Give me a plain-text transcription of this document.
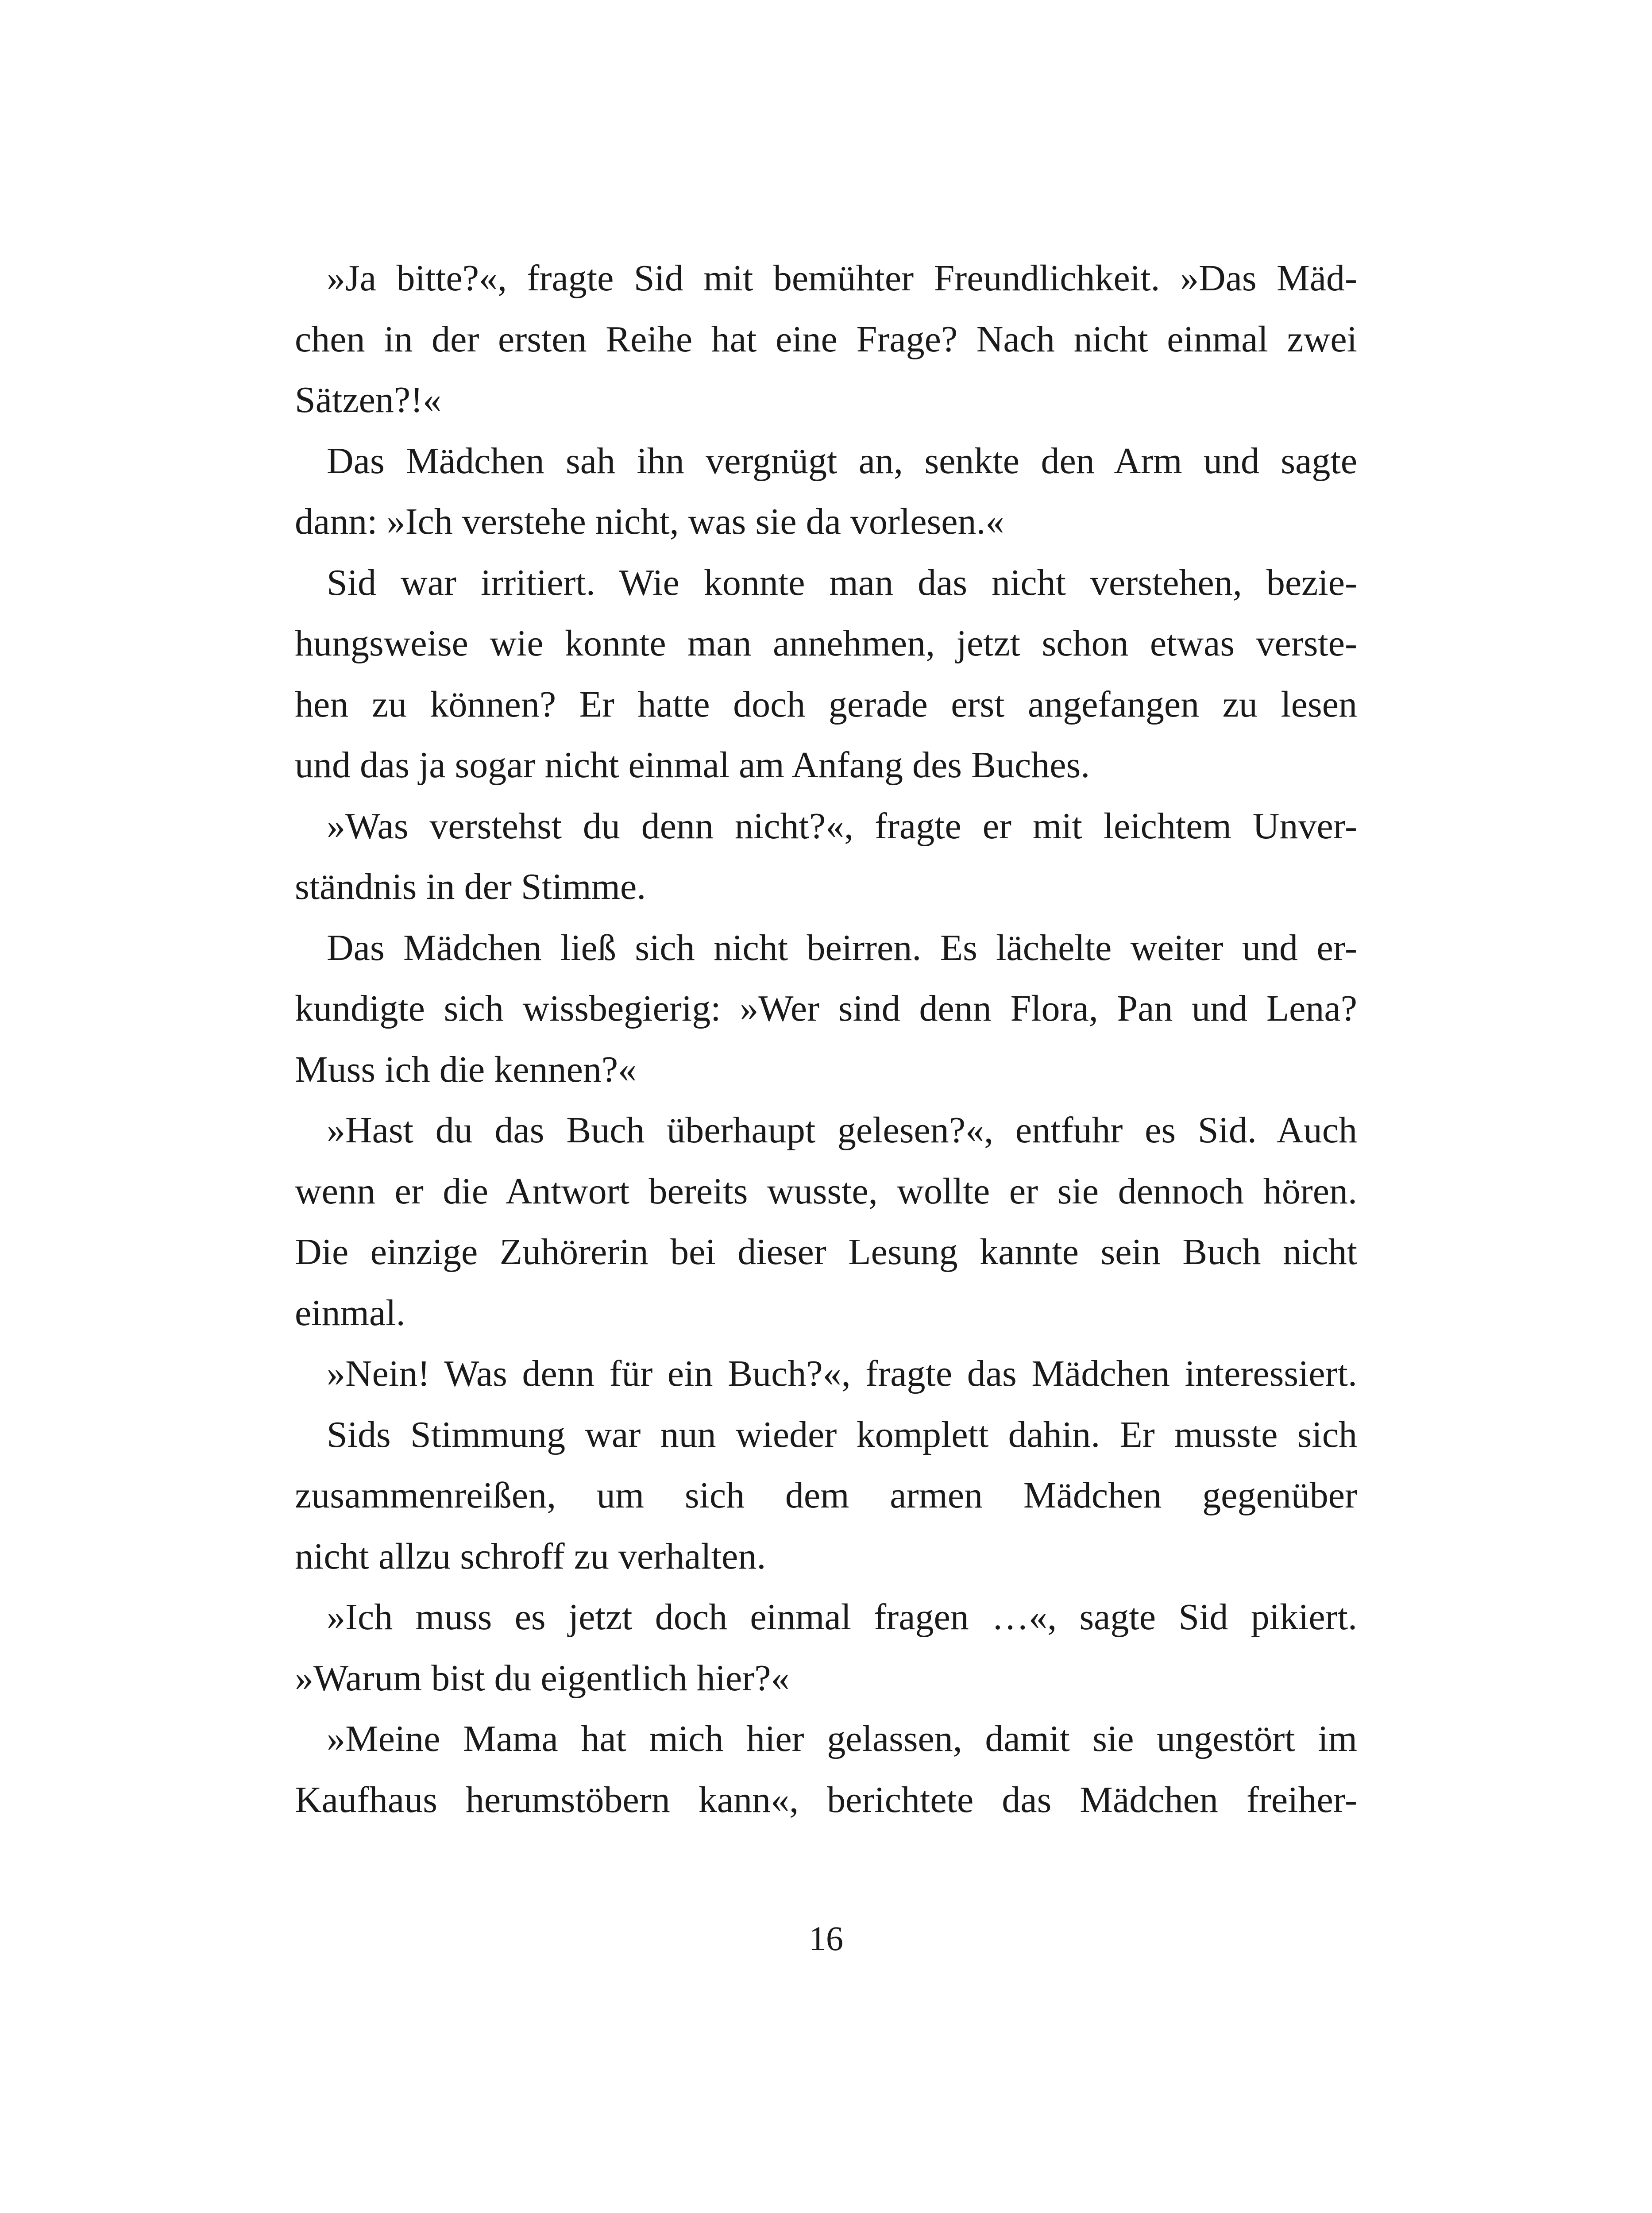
»Ja bitte?«, fragte Sid mit bemühter Freundlichkeit. »Das Mäd-
chen in der ersten Reihe hat eine Frage? Nach nicht einmal zwei
Sätzen?!«
Das Mädchen sah ihn vergnügt an, senkte den Arm und sagte
dann: »Ich verstehe nicht, was sie da vorlesen.«
Sid war irritiert. Wie konnte man das nicht verstehen, bezie-
hungsweise wie konnte man annehmen, jetzt schon etwas verste-
hen zu können? Er hatte doch gerade erst angefangen zu lesen
und das ja sogar nicht einmal am Anfang des Buches.
»Was verstehst du denn nicht?«, fragte er mit leichtem Unver-
ständnis in der Stimme.
Das Mädchen ließ sich nicht beirren. Es lächelte weiter und er-
kundigte sich wissbegierig: »Wer sind denn Flora, Pan und Lena?
Muss ich die kennen?«
»Hast du das Buch überhaupt gelesen?«, entfuhr es Sid. Auch
wenn er die Antwort bereits wusste, wollte er sie dennoch hören.
Die einzige Zuhörerin bei dieser Lesung kannte sein Buch nicht
einmal.
»Nein! Was denn für ein Buch?«, fragte das Mädchen interessiert.
Sids Stimmung war nun wieder komplett dahin. Er musste sich
zusammenreißen, um sich dem armen Mädchen gegenüber
nicht allzu schroff zu verhalten.
»Ich muss es jetzt doch einmal fragen …«, sagte Sid pikiert.
»Warum bist du eigentlich hier?«
»Meine Mama hat mich hier gelassen, damit sie ungestört im
Kaufhaus herumstöbern kann«, berichtete das Mädchen freiher-
16
